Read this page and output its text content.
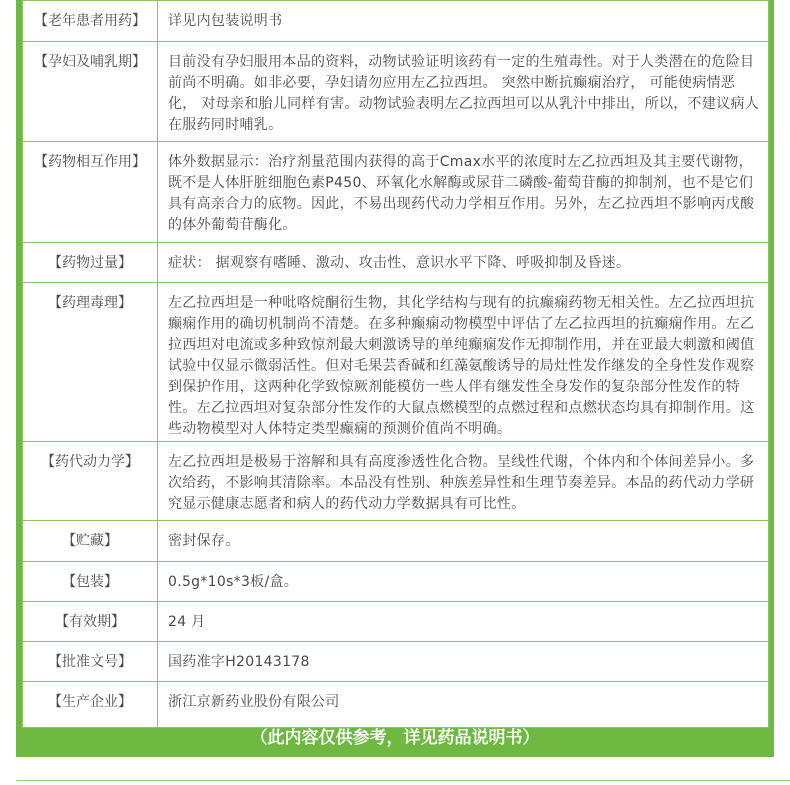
【老年患者用药】	详见内包装说明书
【孕妇及哺乳期】	目前没有孕妇服用本品的资料，动物试验证明该药有一定的生殖毒性。对于人类潜在的危险目前尚不明确。如非必要，孕妇请勿应用左乙拉西坦。 突然中断抗癫痫治疗， 可能使病情恶化， 对母亲和胎儿同样有害。动物试验表明左乙拉西坦可以从乳汁中排出，所以，不建议病人在服药同时哺乳。
【药物相互作用】	体外数据显示：治疗剂量范围内获得的高于Cmax水平的浓度时左乙拉西坦及其主要代谢物，既不是人体肝脏细胞色素P450、环氧化水解酶或尿苷二磷酸-葡萄苷酶的抑制剂，也不是它们具有高亲合力的底物。因此，不易出现药代动力学相互作用。另外，左乙拉西坦不影响丙戊酸的体外葡萄苷酶化。
【药物过量】	症状： 据观察有嗜睡、激动、攻击性、意识水平下降、呼吸抑制及昏迷。
【药理毒理】	左乙拉西坦是一种吡咯烷酮衍生物，其化学结构与现有的抗癫痫药物无相关性。左乙拉西坦抗癫痫作用的确切机制尚不清楚。在多种癫痫动物模型中评估了左乙拉西坦的抗癫痫作用。左乙拉西坦对电流或多种致惊剂最大刺激诱导的单纯癫痫发作无抑制作用，并在亚最大刺激和阈值试验中仅显示微弱活性。但对毛果芸香碱和红藻氨酸诱导的局灶性发作继发的全身性发作观察到保护作用，这两种化学致惊厥剂能模仿一些人伴有继发性全身发作的复杂部分性发作的特性。左乙拉西坦对复杂部分性发作的大鼠点燃模型的点燃过程和点燃状态均具有抑制作用。这些动物模型对人体特定类型癫痫的预测价值尚不明确。
【药代动力学】	左乙拉西坦是极易于溶解和具有高度渗透性化合物。呈线性代谢，个体内和个体间差异小。多次给药，不影响其清除率。本品没有性别、种族差异性和生理节奏差异。本品的药代动力学研究显示健康志愿者和病人的药代动力学数据具有可比性。
【贮藏】	密封保存。
【包装】	0.5g*10s*3板/盒。
【有效期】	24 月
【批准文号】	国药准字H20143178
【生产企业】	浙江京新药业股份有限公司
（此内容仅供参考，详见药品说明书）
